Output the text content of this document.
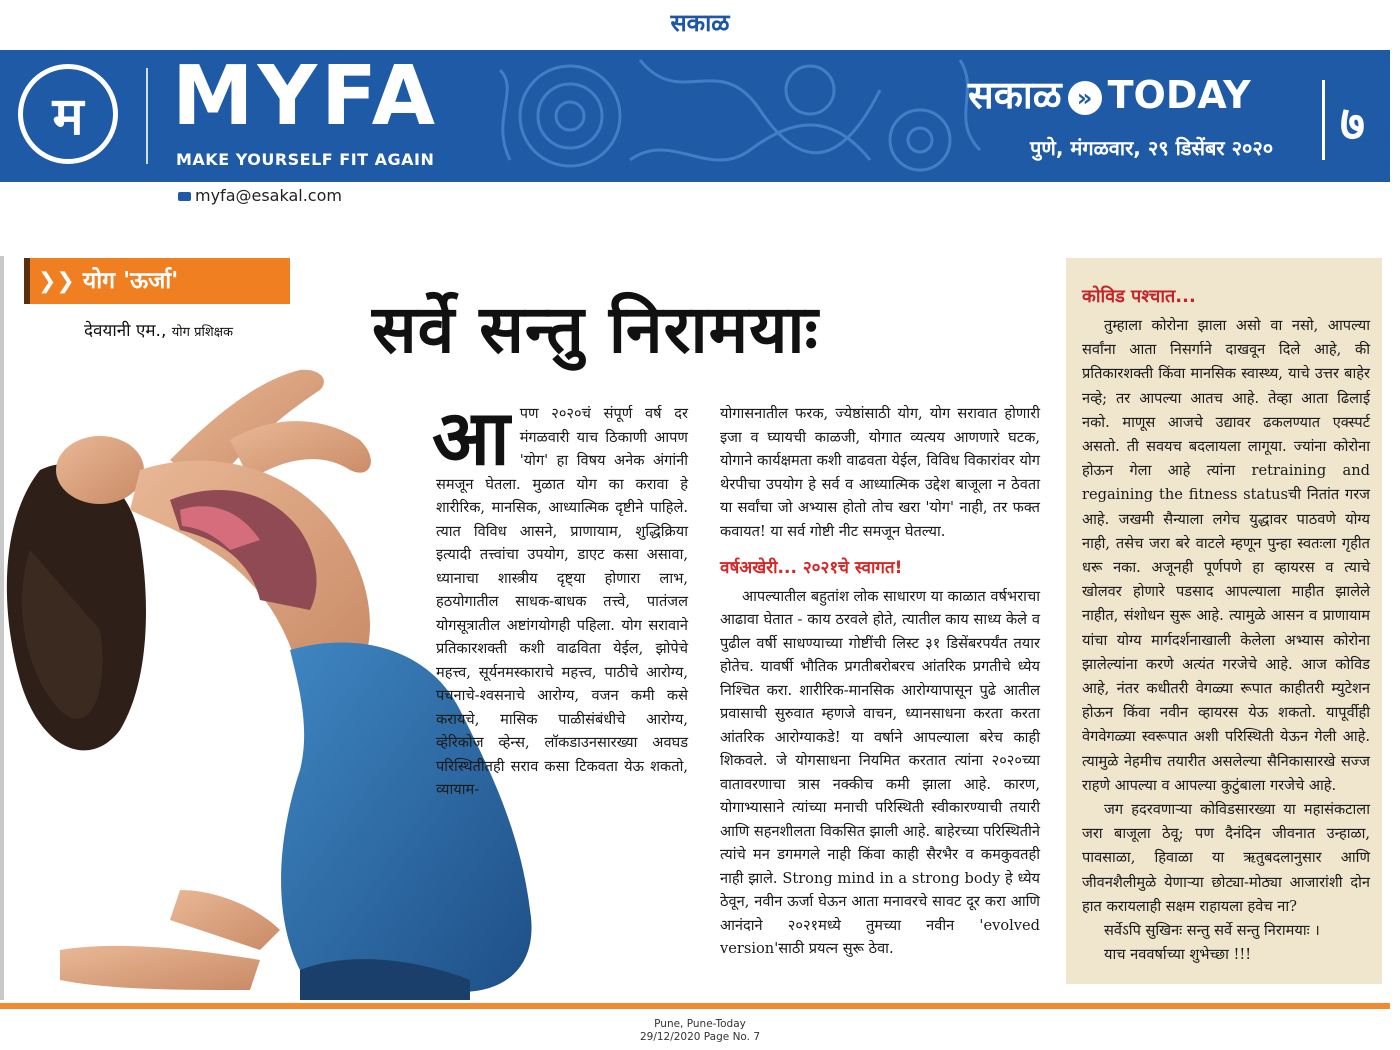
सकाळ
म	MYFA
MAKE YOURSELF FIT AGAIN
सकाळ » TODAY
पुणे, मंगळवार, २९ डिसेंबर २०२० ७
myfa@esakal.com
❯❯ योग 'ऊर्जा'
देवयानी एम., योग प्रशिक्षक सर्वे सन्तु निरामयाः
आ पण २०२०चं संपूर्ण वर्ष दर मंगळवारी याच ठिकाणी आपण 'योग' हा विषय अनेक अंगांनी समजून घेतला. मुळात योग का करावा हे शारीरिक, मानसिक, आध्यात्मिक दृष्टीने पाहिले. त्यात विविध आसने, प्राणायाम, शुद्धिक्रिया इत्यादी तत्त्वांचा उपयोग, डाएट कसा असावा, ध्यानाचा शास्त्रीय दृष्ट्या होणारा लाभ, हठयोगातील साधक-बाधक तत्त्वे, पातंजल योगसूत्रातील अष्टांगयोगही पहिला. योग सरावाने प्रतिकारशक्ती कशी वाढविता येईल, झोपेचे महत्त्व, सूर्यनमस्काराचे महत्त्व, पाठीचे आरोग्य, पचनाचे-श्वसनाचे आरोग्य, वजन कमी कसे करायचे, मासिक पाळीसंबंधीचे आरोग्य, व्हेरिकोज व्हेन्स, लॉकडाउनसारख्या अवघड परिस्थितीतही सराव कसा टिकवता येऊ शकतो, व्यायाम-
योगासनातील फरक, ज्येष्ठांसाठी योग, योग सरावात होणारी इजा व घ्यायची काळजी, योगात व्यत्यय आणणारे घटक, योगाने कार्यक्षमता कशी वाढवता येईल, विविध विकारांवर योग थेरपीचा उपयोग हे सर्व व आध्यात्मिक उद्देश बाजूला न ठेवता या सर्वांचा जो अभ्यास होतो तोच खरा 'योग' नाही, तर फक्त कवायत! या सर्व गोष्टी नीट समजून घेतल्या.
वर्षअखेरी... २०२१चे स्वागत!
आपल्यातील बहुतांश लोक साधारण या काळात वर्षभराचा आढावा घेतात - काय ठरवले होते, त्यातील काय साध्य केले व पुढील वर्षी साधण्याच्या गोष्टींची लिस्ट ३१ डिसेंबरपर्यंत तयार होतेच. यावर्षी भौतिक प्रगतीबरोबरच आंतरिक प्रगतीचे ध्येय निश्चित करा. शारीरिक-मानसिक आरोग्यापासून पुढे आतील प्रवासाची सुरुवात म्हणजे वाचन, ध्यानसाधना करता करता आंतरिक आरोग्याकडे! या वर्षाने आपल्याला बरेच काही शिकवले. जे योगसाधना नियमित करतात त्यांना २०२०च्या वातावरणाचा त्रास नक्कीच कमी झाला आहे. कारण, योगाभ्यासाने त्यांच्या मनाची परिस्थिती स्वीकारण्याची तयारी आणि सहनशीलता विकसित झाली आहे. बाहेरच्या परिस्थितीने त्यांचे मन डगमगले नाही किंवा काही सैरभैर व कमकुवतही नाही झाले. Strong mind in a strong body हे ध्येय ठेवून, नवीन ऊर्जा घेऊन आता मनावरचे सावट दूर करा आणि आनंदाने २०२१मध्ये तुमच्या नवीन 'evolved version'साठी प्रयत्न सुरू ठेवा.
कोविड पश्चात...
तुम्हाला कोरोना झाला असो वा नसो, आपल्या सर्वांना आता निसर्गाने दाखवून दिले आहे, की प्रतिकारशक्ती किंवा मानसिक स्वास्थ्य, याचे उत्तर बाहेर नव्हे; तर आपल्या आतच आहे. तेव्हा आता ढिलाई नको. माणूस आजचे उद्यावर ढकलण्यात एक्स्पर्ट असतो. ती सवयच बदलायला लागूया. ज्यांना कोरोना होऊन गेला आहे त्यांना retraining and regaining the fitness statusची नितांत गरज आहे. जखमी सैन्याला लगेच युद्धावर पाठवणे योग्य नाही, तसेच जरा बरे वाटले म्हणून पुन्हा स्वतःला गृहीत धरू नका. अजूनही पूर्णपणे हा व्हायरस व त्याचे खोलवर होणारे पडसाद आपल्याला माहीत झालेले नाहीत, संशोधन सुरू आहे. त्यामुळे आसन व प्राणायाम यांचा योग्य मार्गदर्शनाखाली केलेला अभ्यास कोरोना झालेल्यांना करणे अत्यंत गरजेचे आहे. आज कोविड आहे, नंतर कधीतरी वेगळ्या रूपात काहीतरी म्युटेशन होऊन किंवा नवीन व्हायरस येऊ शकतो. यापूर्वीही वेगवेगळ्या स्वरूपात अशी परिस्थिती येऊन गेली आहे. त्यामुळे नेहमीच तयारीत असलेल्या सैनिकासारखे सज्ज राहणे आपल्या व आपल्या कुटुंबाला गरजेचे आहे.
जग हदरवणाऱ्या कोविडसारख्या या महासंकटाला जरा बाजूला ठेवू; पण दैनंदिन जीवनात उन्हाळा, पावसाळा, हिवाळा या ऋतुबदलानुसार आणि जीवनशैलीमुळे येणाऱ्या छोट्या-मोठ्या आजारांशी दोन हात करायलाही सक्षम राहायला हवेच ना?
सर्वेऽपि सुखिनः सन्तु सर्वे सन्तु निरामयाः ।
याच नववर्षाच्या शुभेच्छा !!!
Pune, Pune-Today
29/12/2020 Page No. 7
